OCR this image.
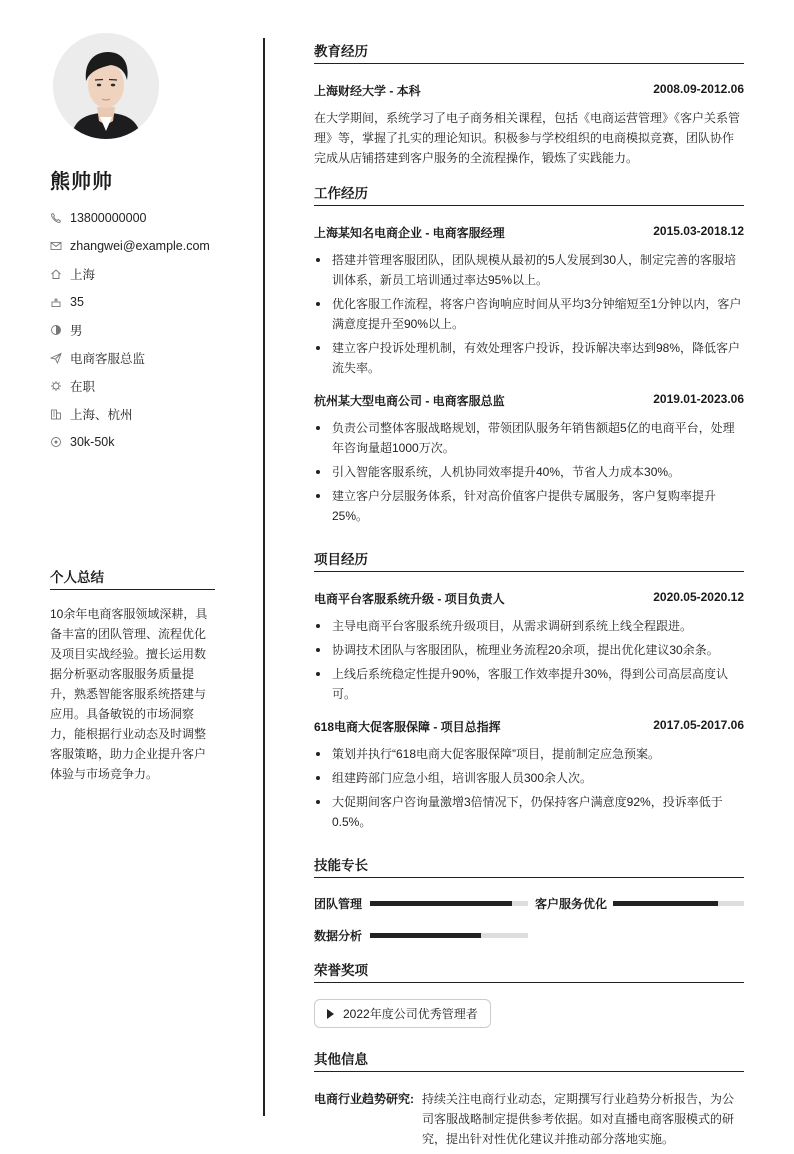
熊帅帅
13800000000
zhangwei@example.com
上海
35
男
电商客服总监
在职
上海、杭州
30k-50k
个人总结
10余年电商客服领域深耕，具备丰富的团队管理、流程优化及项目实战经验。擅长运用数据分析驱动客服服务质量提升，熟悉智能客服系统搭建与应用。具备敏锐的市场洞察力，能根据行业动态及时调整客服策略，助力企业提升客户体验与市场竞争力。
教育经历
上海财经大学 - 本科	2008.09-2012.06
在大学期间，系统学习了电子商务相关课程，包括《电商运营管理》《客户关系管理》等，掌握了扎实的理论知识。积极参与学校组织的电商模拟竞赛，团队协作完成从店铺搭建到客户服务的全流程操作，锻炼了实践能力。
工作经历
上海某知名电商企业 - 电商客服经理	2015.03-2018.12
搭建并管理客服团队，团队规模从最初的5人发展到30人，制定完善的客服培训体系，新员工培训通过率达95%以上。
优化客服工作流程，将客户咨询响应时间从平均3分钟缩短至1分钟以内，客户满意度提升至90%以上。
建立客户投诉处理机制，有效处理客户投诉，投诉解决率达到98%，降低客户流失率。
杭州某大型电商公司 - 电商客服总监	2019.01-2023.06
负责公司整体客服战略规划，带领团队服务年销售额超5亿的电商平台，处理年咨询量超1000万次。
引入智能客服系统，人机协同效率提升40%，节省人力成本30%。
建立客户分层服务体系，针对高价值客户提供专属服务，客户复购率提升25%。
项目经历
电商平台客服系统升级 - 项目负责人	2020.05-2020.12
主导电商平台客服系统升级项目，从需求调研到系统上线全程跟进。
协调技术团队与客服团队，梳理业务流程20余项，提出优化建议30余条。
上线后系统稳定性提升90%，客服工作效率提升30%，得到公司高层高度认可。
618电商大促客服保障 - 项目总指挥	2017.05-2017.06
策划并执行“618电商大促客服保障”项目，提前制定应急预案。
组建跨部门应急小组，培训客服人员300余人次。
大促期间客户咨询量激增3倍情况下，仍保持客户满意度92%，投诉率低于0.5%。
技能专长
团队管理	客户服务优化
数据分析
荣誉奖项
2022年度公司优秀管理者
其他信息
电商行业趋势研究: 持续关注电商行业动态，定期撰写行业趋势分析报告，为公司客服战略制定提供参考依据。如对直播电商客服模式的研究，提出针对性优化建议并推动部分落地实施。
